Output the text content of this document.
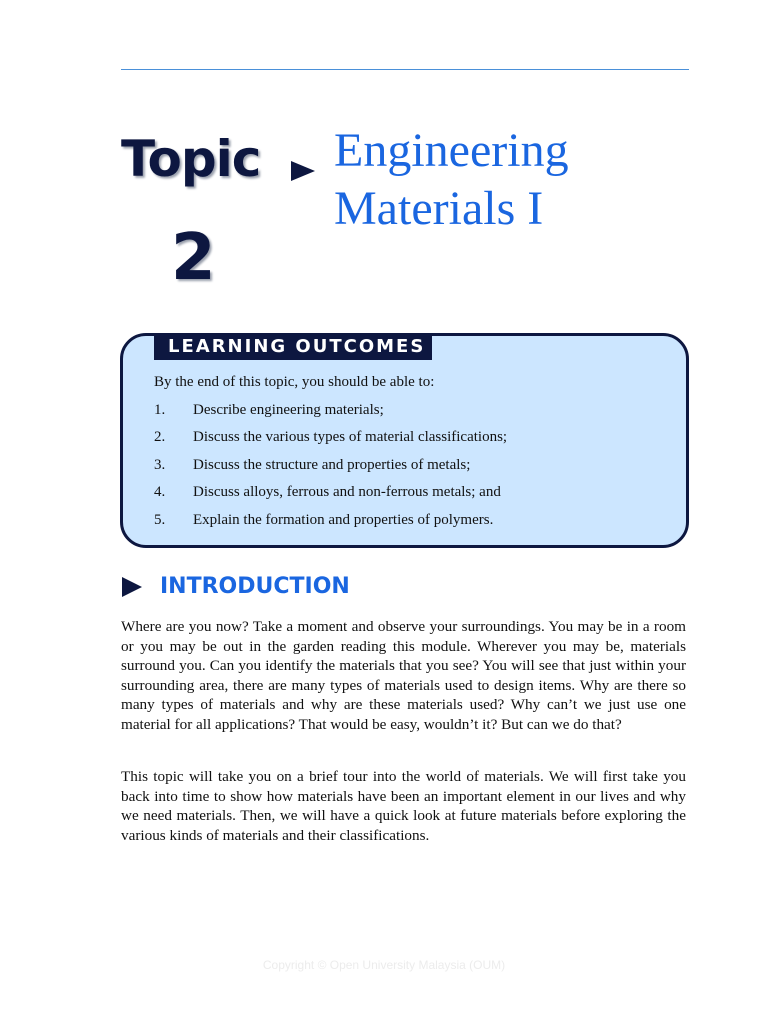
Topic
2
Engineering
Materials I
LEARNING OUTCOMES
By the end of this topic, you should be able to:
1. Describe engineering materials;
2. Discuss the various types of material classifications;
3. Discuss the structure and properties of metals;
4. Discuss alloys, ferrous and non-ferrous metals; and
5. Explain the formation and properties of polymers.
INTRODUCTION

Where are you now? Take a moment and observe your surroundings. You may be in a room or you may be out in the garden reading this module. Wherever you may be, materials surround you. Can you identify the materials that you see? You will see that just within your surrounding area, there are many types of materials used to design items. Why are there so many types of materials and why are these materials used? Why can’t we just use one material for all applications? That would be easy, wouldn’t it? But can we do that?

This topic will take you on a brief tour into the world of materials. We will first take you back into time to show how materials have been an important element in our lives and why we need materials. Then, we will have a quick look at future materials before exploring the various kinds of materials and their classifications.

Copyright © Open University Malaysia (OUM)
